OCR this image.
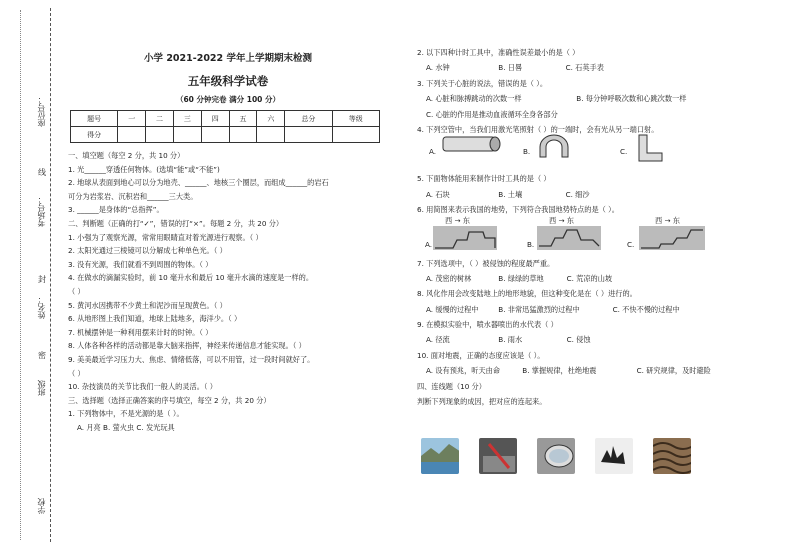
座位号：
考场号：
姓名：
班级
学校
线
封
密
小学 2021-2022 学年上学期期末检测
五年级科学试卷
（60 分钟完卷 满分 100 分）
题号	一	二	三	四	五	六	总分	等级
得分								
一、填空题（每空 2 分，共 10 分）
1. 光______穿透任何物体。(选填“能”或“不能”)
2. 地球从表面到地心可以分为地壳、______、地核三个圈层，而组成______的岩石
可分为岩浆岩、沉积岩和______三大类。
3. ______是身体的“总指挥”。
二、判断题（正确的打“✓”，错误的打“×”。每题 2 分，共 20 分）
1. 小强为了观察光源，常常用眼睛直对着光源进行观察。（ ）
2. 太阳光通过三棱镜可以分解成七种单色光。（ ）
3. 没有光源，我们就看不到周围的物体。（ ）
4. 在做水的滴漏实验时，前 10 毫升水和最后 10 毫升水滴的速度是一样的。
（ ）
5. 黄河水因携带不少黄土和泥沙而呈现黄色。（ ）
6. 从地形图上我们知道，地球上陆地多，海洋少。（ ）
7. 机械摆钟是一种利用摆来计时的时钟。（ ）
8. 人体各种各样的活动都是靠大脑来指挥，神经来传递信息才能实现。（ ）
9. 美美最近学习压力大、焦虑、情绪低落，可以不用管，过一段时间就好了。
（ ）
10. 杂技演员的关节比我们一般人的灵活。（ ）
三、选择题（选择正确答案的序号填空，每空 2 分，共 20 分）
1. 下列物体中，不是光源的是（ ）。
A. 月亮 B. 萤火虫 C. 发光玩具
2. 以下四种计时工具中，准确性误差最小的是（ ）
A. 水钟	B. 日晷	C. 石英手表
3. 下列关于心脏的说法，错误的是（ ）。
A. 心脏和脉搏跳动的次数一样	B. 每分钟呼吸次数和心跳次数一样
C. 心脏的作用是推动血液循环全身各部分
4. 下列空管中，当我们用激光笔照射（ ）的一端时，会有光从另一端口射。
A.	B.	C.
5. 下面物体能用来制作计时工具的是（ ）
A. 石块	B. 土壤	C. 细沙
6. 用简图来表示我国的地势，下列符合我国地势特点的是（ ）。
西 → 东
A.
西 → 东
B.
西 → 东
C.
7. 下列选项中，（ ）被侵蚀的程度最严重。
A. 茂密的树林	B. 绿绿的草地	C. 荒凉的山坡
8. 风化作用会改变陆地上的地形地貌，但这种变化是在（ ）进行的。
A. 缓慢的过程中	B. 非常迅猛激烈的过程中	C. 不快不慢的过程中
9. 在模拟实验中，喷水器喷出的水代表（ ）
A. 径流	B. 雨水	C. 侵蚀
10. 面对地震，正确的态度应该是（ ）。
A. 设有预兆，听天由命	B. 掌握规律，杜绝地震	C. 研究规律，及时避险
四、连线题（10 分）
判断下列现象的成因，把对应的连起来。
